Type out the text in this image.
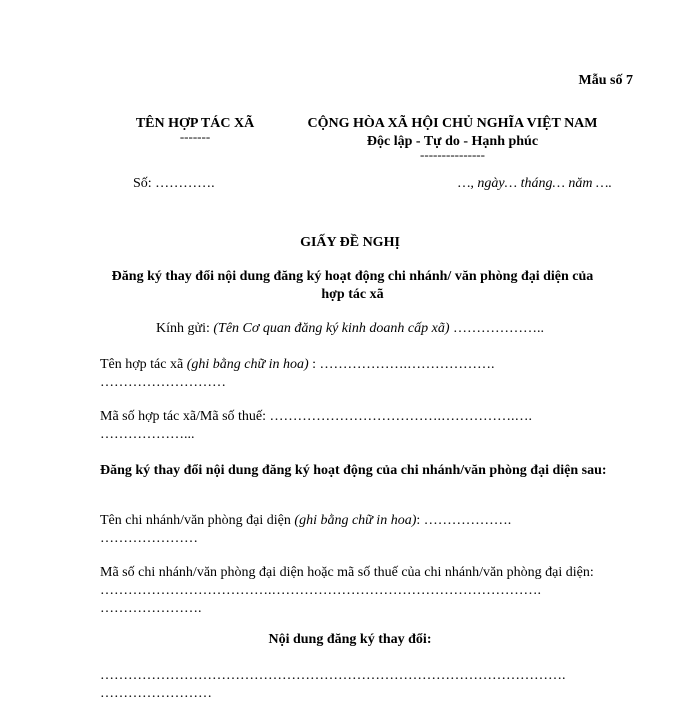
Mẫu số 7
TÊN HỢP TÁC XÃ
-------
CỘNG HÒA XÃ HỘI CHỦ NGHĨA VIỆT NAM
Độc lập - Tự do - Hạnh phúc
---------------
Số: ………….	…, ngày… tháng… năm ….
GIẤY ĐỀ NGHỊ
Đăng ký thay đổi nội dung đăng ký hoạt động chi nhánh/ văn phòng đại diện của hợp tác xã
Kính gửi: (Tên Cơ quan đăng ký kinh doanh cấp xã) ………………..
Tên hợp tác xã (ghi bằng chữ in hoa) : ……………….……………….
………………………
Mã số hợp tác xã/Mã số thuế: ……………………………….…………….….
………………...
Đăng ký thay đổi nội dung đăng ký hoạt động của chi nhánh/văn phòng đại diện sau:
Tên chi nhánh/văn phòng đại diện (ghi bằng chữ in hoa): ……………….
…………………
Mã số chi nhánh/văn phòng đại diện hoặc mã số thuế của chi nhánh/văn phòng đại diện: ……………………………….………………………………………………….
………………….
Nội dung đăng ký thay đổi:
……………………………………………………………………………………….
……………………
